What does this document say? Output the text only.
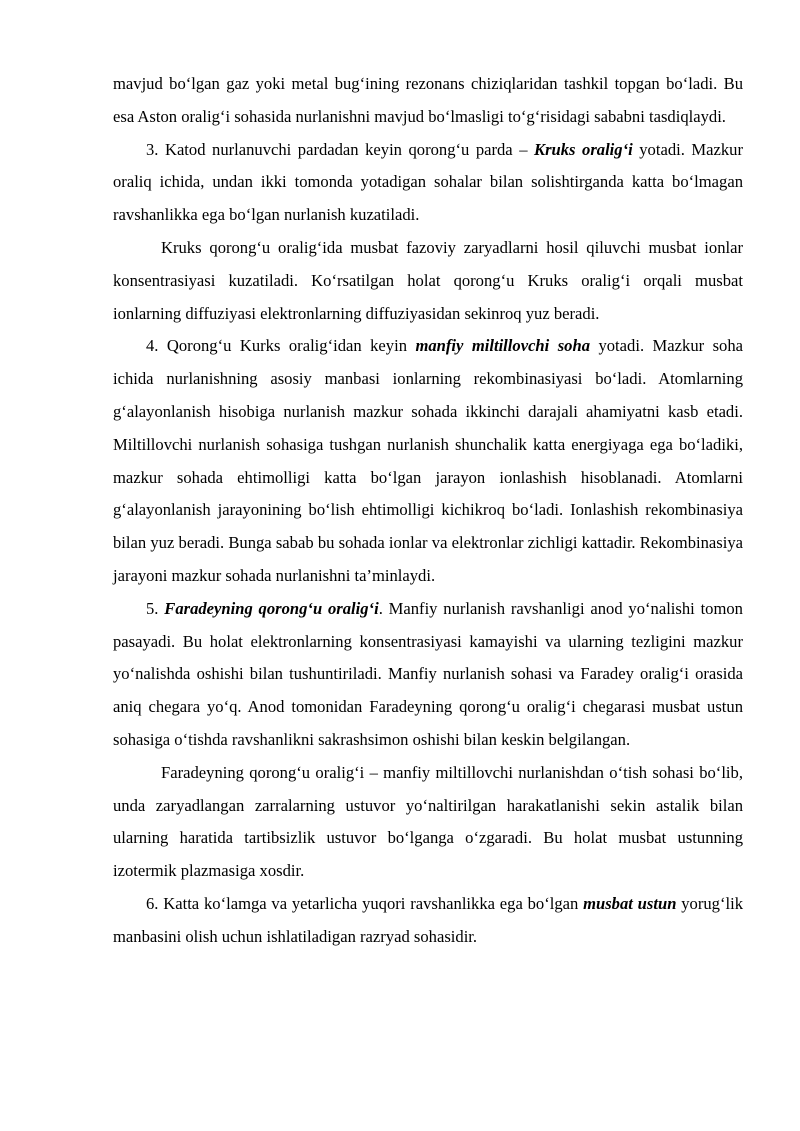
mavjud bo‘lgan gaz yoki metal bug‘ining rezonans chiziqlaridan tashkil topgan bo‘ladi. Bu esa Aston oralig‘i sohasida nurlanishni mavjud bo‘lmasligi to‘g‘risidagi sababni tasdiqlaydi.

3. Katod nurlanuvchi pardadan keyin qorong‘u parda – Kruks oralig‘i yotadi. Mazkur oraliq ichida, undan ikki tomonda yotadigan sohalar bilan solishtirganda katta bo‘lmagan ravshanlikka ega bo‘lgan nurlanish kuzatiladi.

Kruks qorong‘u oralig‘ida musbat fazoviy zaryadlarni hosil qiluvchi musbat ionlar konsentrasiyasi kuzatiladi. Ko‘rsatilgan holat qorong‘u Kruks oralig‘i orqali musbat ionlarning diffuziyasi elektronlarning diffuziyasidan sekinroq yuz beradi.

4. Qorong‘u Kurks oralig‘idan keyin manfiy miltillovchi soha yotadi. Mazkur soha ichida nurlanishning asosiy manbasi ionlarning rekombinasiyasi bo‘ladi. Atomlarning g‘alayonlanish hisobiga nurlanish mazkur sohada ikkinchi darajali ahamiyatni kasb etadi. Miltillovchi nurlanish sohasiga tushgan nurlanish shunchalik katta energiyaga ega bo‘ladiki, mazkur sohada ehtimolligi katta bo‘lgan jarayon ionlashish hisoblanadi. Atomlarni g‘alayonlanish jarayonining bo‘lish ehtimolligi kichikroq bo‘ladi. Ionlashish rekombinasiya bilan yuz beradi. Bunga sabab bu sohada ionlar va elektronlar zichligi kattadir. Rekombinasiya jarayoni mazkur sohada nurlanishni ta’minlaydi.

5. Faradeyning qorong‘u oralig‘i. Manfiy nurlanish ravshanligi anod yo‘nalishi tomon pasayadi. Bu holat elektronlarning konsentrasiyasi kamayishi va ularning tezligini mazkur yo‘nalishda oshishi bilan tushuntiriladi. Manfiy nurlanish sohasi va Faradey oralig‘i orasida aniq chegara yo‘q. Anod tomonidan Faradeyning qorong‘u oralig‘i chegarasi musbat ustun sohasiga o‘tishda ravshanlikni sakrashsimon oshishi bilan keskin belgilangan.

Faradeyning qorong‘u oralig‘i – manfiy miltillovchi nurlanishdan o‘tish sohasi bo‘lib, unda zaryadlangan zarralarning ustuvor yo‘naltirilgan harakatlanishi sekin astalik bilan ularning haratida tartibsizlik ustuvor bo‘lganga o‘zgaradi. Bu holat musbat ustunning izotermik plazmasiga xosdir.

6. Katta ko‘lamga va yetarlicha yuqori ravshanlikka ega bo‘lgan musbat ustun yorug‘lik manbasini olish uchun ishlatiladigan razryad sohasidir.
